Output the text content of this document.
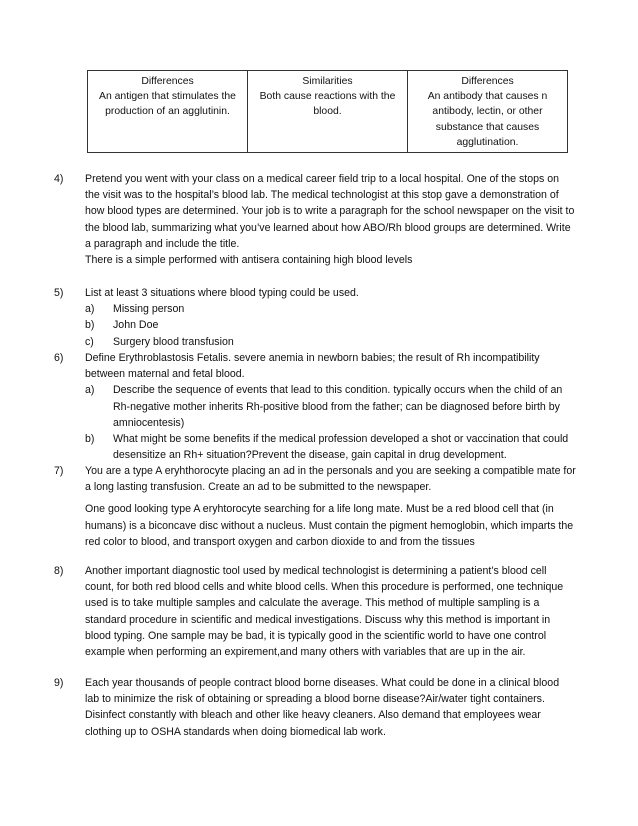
Differences
An antigen that stimulates the production of an agglutinin.

Similarities
Both cause reactions with the blood.

Differences
An antibody that causes n antibody, lectin, or other substance that causes agglutination.
4) Pretend you went with your class on a medical career field trip to a local hospital. One of the stops on the visit was to the hospital’s blood lab. The medical technologist at this stop gave a demonstration of how blood types are determined. Your job is to write a paragraph for the school newspaper on the visit to the blood lab, summarizing what you’ve learned about how ABO/Rh blood groups are determined. Write a paragraph and include the title.
There is a simple performed with antisera containing high blood levels
5) List at least 3 situations where blood typing could be used.
a) Missing person
b) John Doe
c) Surgery blood transfusion
6) Define Erythroblastosis Fetalis. severe anemia in newborn babies; the result of Rh incompatibility between maternal and fetal blood.
a) Describe the sequence of events that lead to this condition. typically occurs when the child of an Rh-negative mother inherits Rh-positive blood from the father; can be diagnosed before birth by amniocentesis)
b) What might be some benefits if the medical profession developed a shot or vaccination that could desensitize an Rh+ situation?Prevent the disease, gain capital in drug development.
7) You are a type A eryhthorocyte placing an ad in the personals and you are seeking a compatible mate for a long lasting transfusion. Create an ad to be submitted to the newspaper.
One good looking type A eryhtorocyte searching for a life long mate. Must be a red blood cell that (in humans) is a biconcave disc without a nucleus. Must contain the pigment hemoglobin, which imparts the red color to blood, and transport oxygen and carbon dioxide to and from the tissues
8) Another important diagnostic tool used by medical technologist is determining a patient’s blood cell count, for both red blood cells and white blood cells. When this procedure is performed, one technique used is to take multiple samples and calculate the average. This method of multiple sampling is a standard procedure in scientific and medical investigations. Discuss why this method is important in blood typing. One sample may be bad, it is typically good in the scientific world to have one control example when performing an expirement,and many others with variables that are up in the air.
9) Each year thousands of people contract blood borne diseases. What could be done in a clinical blood lab to minimize the risk of obtaining or spreading a blood borne disease?Air/water tight containers. Disinfect constantly with bleach and other like heavy cleaners. Also demand that employees wear clothing up to OSHA standards when doing biomedical lab work.
